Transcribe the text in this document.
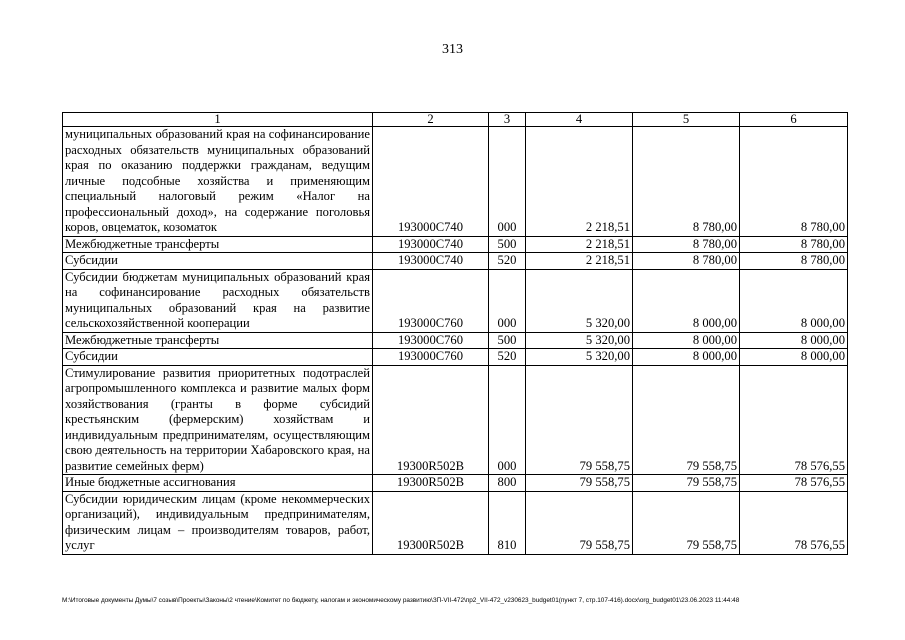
313
1	2	3	4	5	6
муниципальных образований края на софинансирование расходных обязательств муниципальных образований края по оказанию поддержки гражданам, ведущим личные подсобные хозяйства и применяющим специальный налоговый режим «Налог на профессиональный доход», на содержание поголовья коров, овцематок, козоматок	193000С740	000	2 218,51	8 780,00	8 780,00
Межбюджетные трансферты	193000С740	500	2 218,51	8 780,00	8 780,00
Субсидии	193000С740	520	2 218,51	8 780,00	8 780,00
Субсидии бюджетам муниципальных образований края на софинансирование расходных обязательств муниципальных образований края на развитие сельскохозяйственной кооперации	193000С760	000	5 320,00	8 000,00	8 000,00
Межбюджетные трансферты	193000С760	500	5 320,00	8 000,00	8 000,00
Субсидии	193000С760	520	5 320,00	8 000,00	8 000,00
Стимулирование развития приоритетных подотраслей агропромышленного комплекса и развитие малых форм хозяйствования (гранты в форме субсидий крестьянским (фермерским) хозяйствам и индивидуальным предпринимателям, осуществляющим свою деятельность на территории Хабаровского края, на развитие семейных ферм)	19300R502B	000	79 558,75	79 558,75	78 576,55
Иные бюджетные ассигнования	19300R502B	800	79 558,75	79 558,75	78 576,55
Субсидии юридическим лицам (кроме некоммерческих организаций), индивидуальным предпринимателям, физическим лицам – производителям товаров, работ, услуг	19300R502B	810	79 558,75	79 558,75	78 576,55
M:\Итоговые документы Думы\7 созыв\Проекты\Законы\2 чтение\Комитет по бюджету, налогам и экономическому развитию\ЗП-VII-472\пр2_VII-472_v230623_budget01(пункт 7, стр.107-416).docx\org_budget01\23.06.2023 11:44:48
